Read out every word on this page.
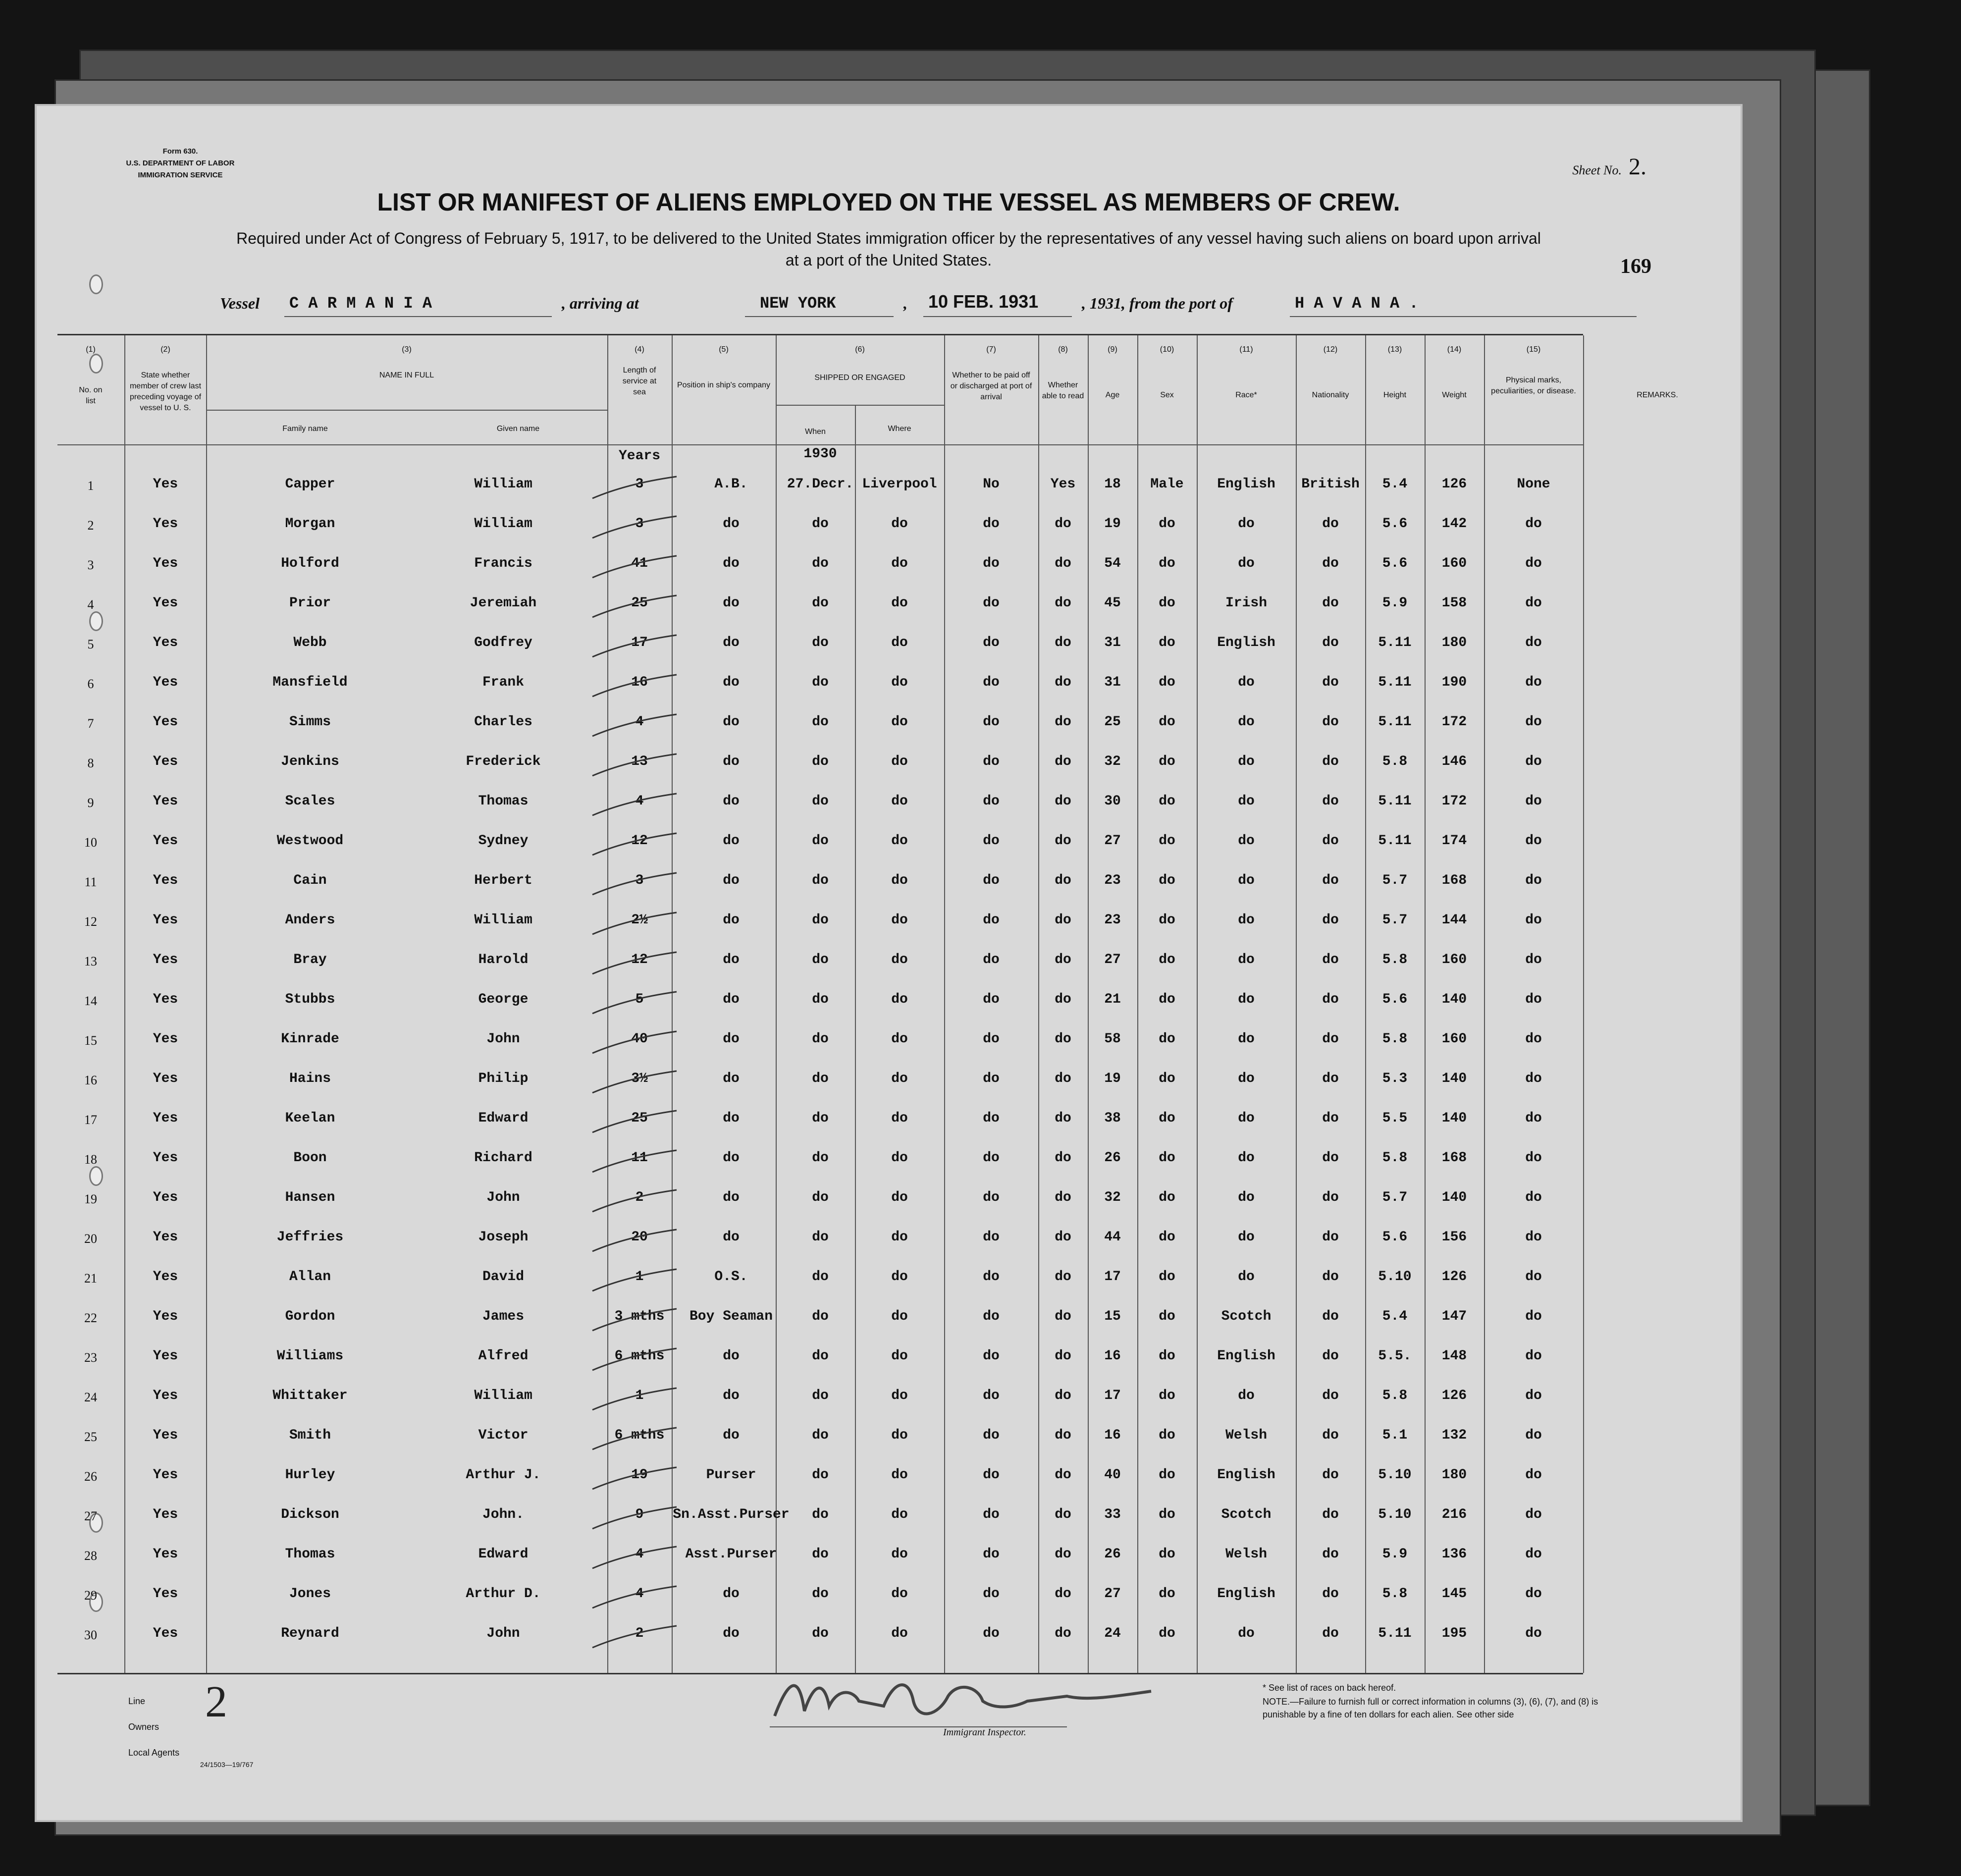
Form 630.
U.S. DEPARTMENT OF LABOR
IMMIGRATION SERVICE	Sheet No. 2.
169
LIST OR MANIFEST OF ALIENS EMPLOYED ON THE VESSEL AS MEMBERS OF CREW.
Required under Act of Congress of February 5, 1917, to be delivered to the United States immigration officer by the representatives of any vessel having such aliens on board upon arrival at a port of the United States.
Vessel C A R M A N I A	, arriving at	NEW YORK	, 10 FEB. 1931	, 1931, from the port of	H A V A N A .
(1)	(2)	(3)	(4)	(5)	(6)	(7)	(8)	(9)	(10)	(11)	(12)	(13)	(14)	(15)
No. on list
State whether member of crew last preceding voyage of vessel to U. S.
NAME IN FULL
Family name	Given name
Length of service at sea
Position in ship's company
SHIPPED OR ENGAGED
When	Where
Whether to be paid off or discharged at port of arrival
Whether able to read	Age	Sex	Race*	Nationality	Height	Weight
Physical marks, peculiarities, or disease.	REMARKS.
Years	1930
1	Yes	Capper	William	3	A.B.	27.Decr. Liverpool	No	Yes 18 Male English British 5.4 126	None
2	Yes	Morgan	William	3	do	do	do	do	do 19	do	do	do	5.6 142	do
3	Yes	Holford	Francis	41	do	do	do	do	do 54	do	do	do	5.6 160	do
4	Yes	Prior	Jeremiah	25	do	do	do	do	do 45	do	Irish	do	5.9 158	do
5	Yes	Webb	Godfrey	17	do	do	do	do	do 31	do	English	do	5.11 180	do
6	Yes	Mansfield	Frank	16	do	do	do	do	do 31	do	do	do	5.11 190	do
7	Yes	Simms	Charles	4	do	do	do	do	do 25	do	do	do	5.11 172	do
8	Yes	Jenkins	Frederick	13	do	do	do	do	do 32	do	do	do	5.8 146	do
9	Yes	Scales	Thomas	4	do	do	do	do	do 30	do	do	do	5.11 172	do
10	Yes	Westwood	Sydney	12	do	do	do	do	do 27	do	do	do	5.11 174	do
11	Yes	Cain	Herbert	3	do	do	do	do	do 23	do	do	do	5.7 168	do
12	Yes	Anders	William	2½	do	do	do	do	do 23	do	do	do	5.7 144	do
13	Yes	Bray	Harold	12	do	do	do	do	do 27	do	do	do	5.8 160	do
14	Yes	Stubbs	George	5	do	do	do	do	do 21	do	do	do	5.6 140	do
15	Yes	Kinrade	John	40	do	do	do	do	do 58	do	do	do	5.8 160	do
16	Yes	Hains	Philip	3½	do	do	do	do	do 19	do	do	do	5.3 140	do
17	Yes	Keelan	Edward	25	do	do	do	do	do 38	do	do	do	5.5 140	do
18	Yes	Boon	Richard	11	do	do	do	do	do 26	do	do	do	5.8 168	do
19	Yes	Hansen	John	2	do	do	do	do	do 32	do	do	do	5.7 140	do
20	Yes	Jeffries	Joseph	20	do	do	do	do	do 44	do	do	do	5.6 156	do
21	Yes	Allan	David	1	O.S.	do	do	do	do 17	do	do	do	5.10 126	do
22	Yes	Gordon	James	3 mths Boy Seaman	do	do	do	do 15	do	Scotch	do	5.4 147	do
23	Yes	Williams	Alfred	6 mths	do	do	do	do	do 16	do	English	do	5.5. 148	do
24	Yes	Whittaker	William	1	do	do	do	do	do 17	do	do	do	5.8 126	do
25	Yes	Smith	Victor	6 mths	do	do	do	do	do 16	do	Welsh	do	5.1 132	do
26	Yes	Hurley	Arthur J.	19	Purser	do	do	do	do 40	do	English	do	5.10 180	do
27	Yes	Dickson	John.	9 Sn.Asst.Purser do	do	do	do 33	do	Scotch	do	5.10 216	do
28	Yes	Thomas	Edward	4	Asst.Purser	do	do	do	do 26	do	Welsh	do	5.9 136	do
29	Yes	Jones	Arthur D.	4	do	do	do	do	do 27	do	English	do	5.8 145	do
30	Yes	Reynard	John	2	do	do	do	do	do 24	do	do	do	5.11 195	do
Line
Owners
2
Local Agents
24/1503—19/767
Immigrant Inspector.
* See list of races on back hereof.
NOTE.—Failure to furnish full or correct information in columns (3), (6), (7), and (8) is punishable by a fine of ten dollars for each alien. See other side
